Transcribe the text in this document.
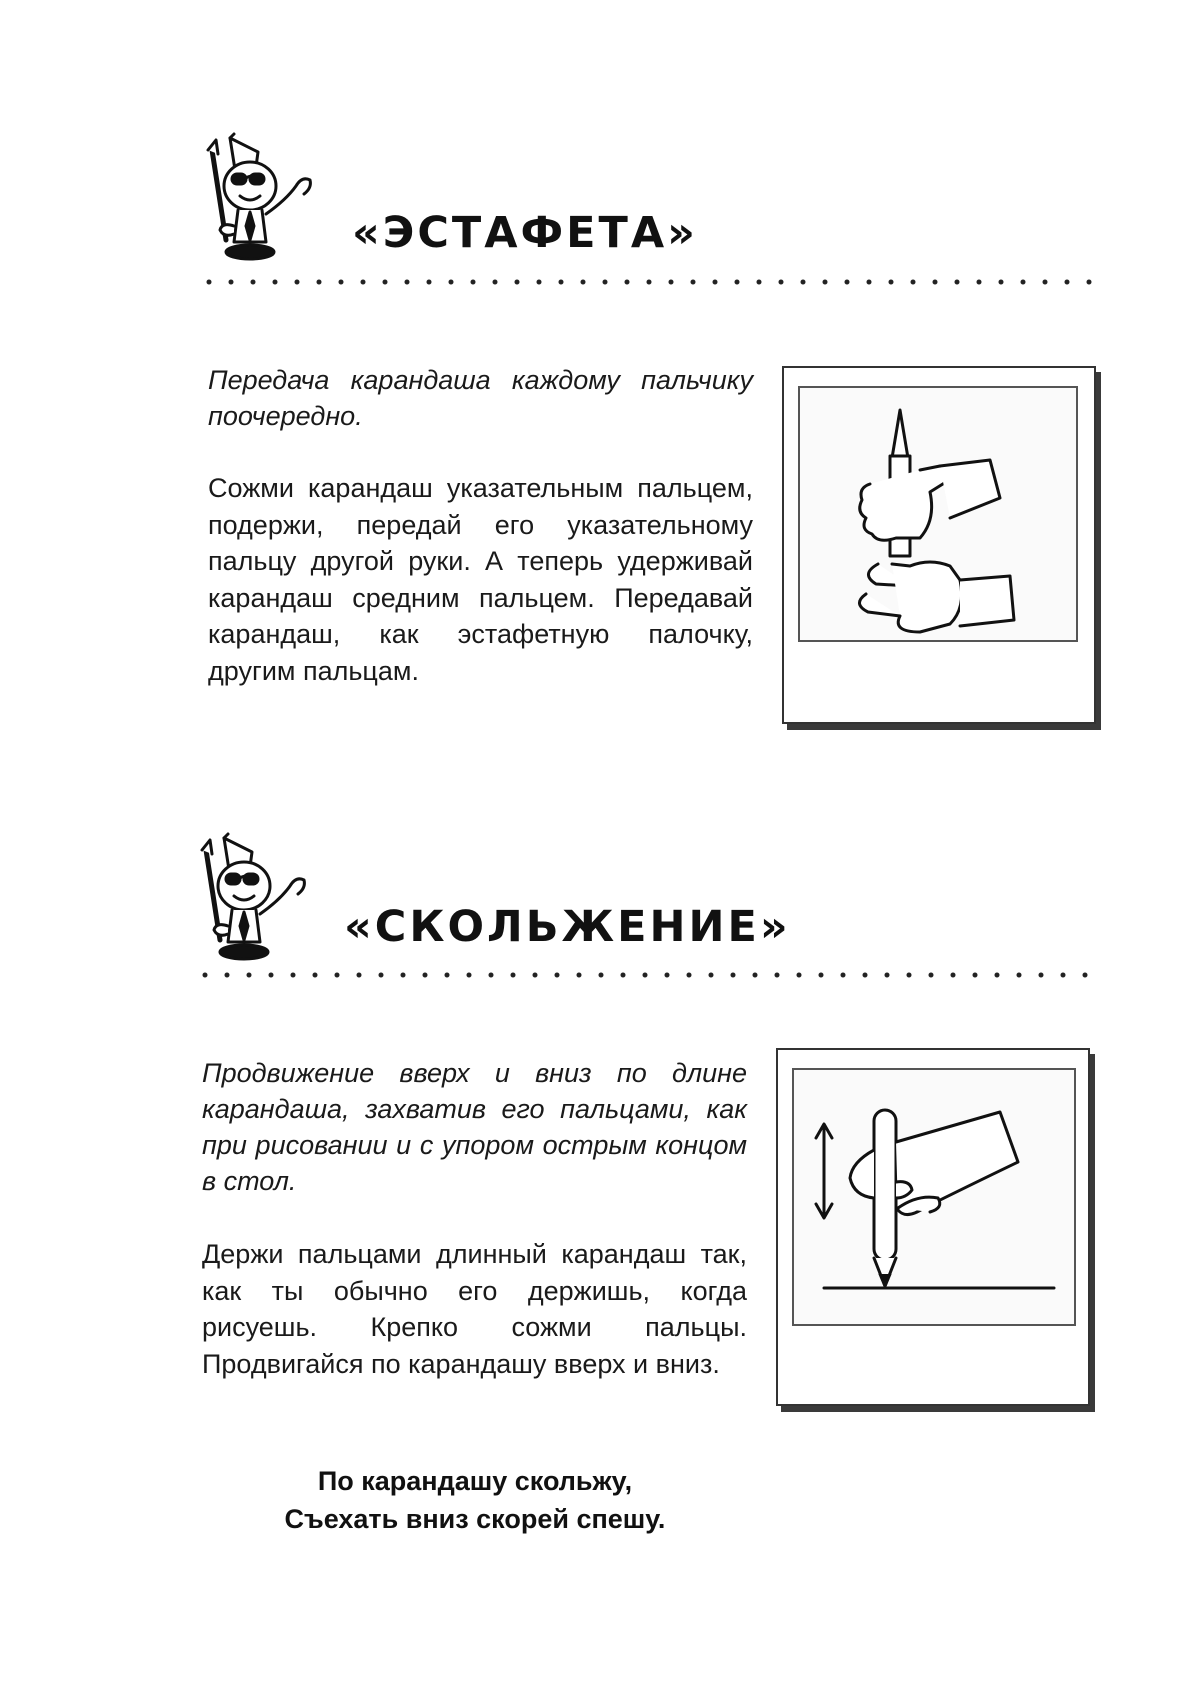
«ЭСТАФЕТА»

Передача карандаша каждому пальчику поочередно.

Сожми карандаш указательным пальцем, подержи, передай его указательному пальцу другой руки. А теперь удерживай карандаш средним пальцем. Передавай карандаш, как эстафетную палочку, другим пальцам.

«СКОЛЬЖЕНИЕ»

Продвижение вверх и вниз по длине карандаша, захватив его пальцами, как при рисовании и с упором острым концом в стол.

Держи пальцами длинный карандаш так, как ты обычно его держишь, когда рисуешь. Крепко сожми пальцы. Продвигайся по карандашу вверх и вниз.

По карандашу скольжу,
Съехать вниз скорей спешу.
